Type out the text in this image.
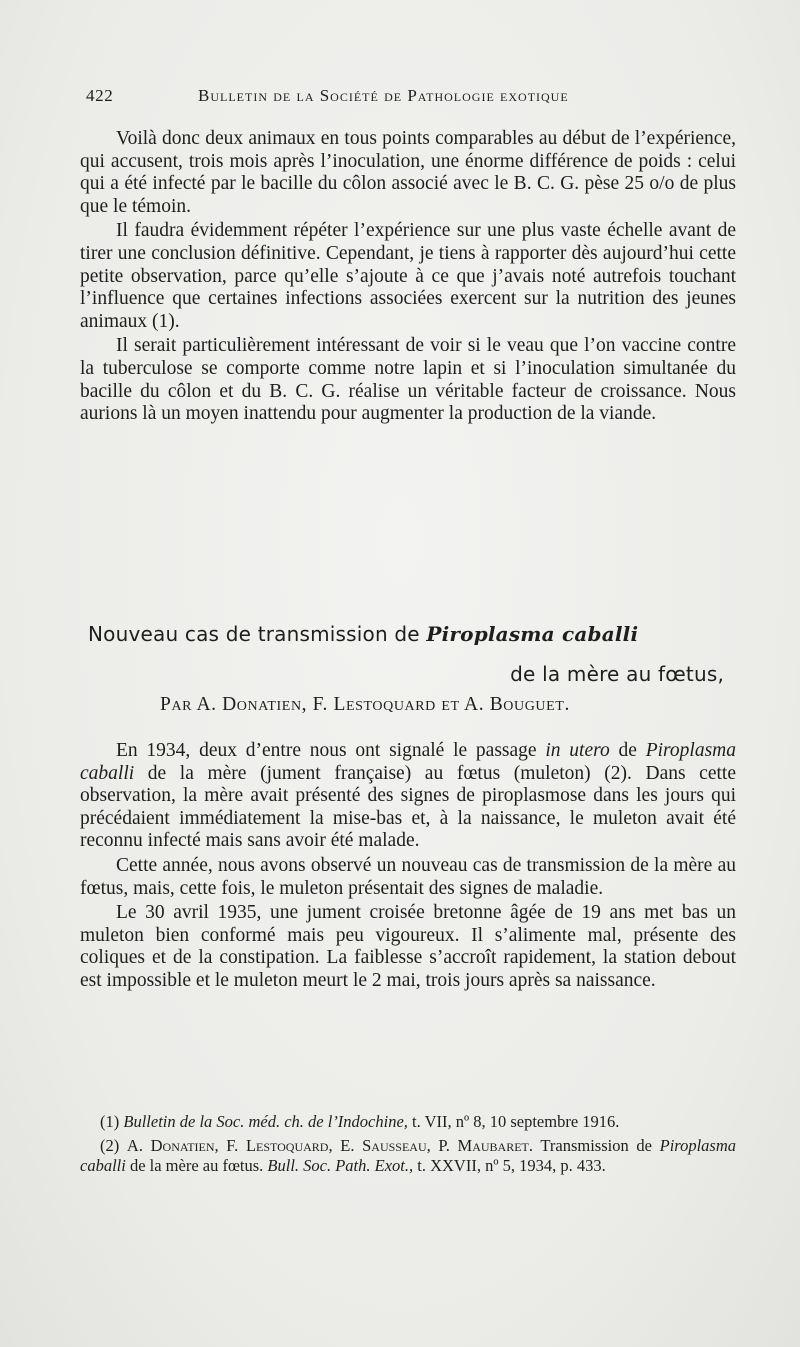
422	Bulletin de la Société de Pathologie exotique

Voilà donc deux animaux en tous points comparables au début de l’expérience, qui accusent, trois mois après l’inoculation, une énorme différence de poids : celui qui a été infecté par le bacille du côlon associé avec le B. C. G. pèse 25 o/o de plus que le témoin.

Il faudra évidemment répéter l’expérience sur une plus vaste échelle avant de tirer une conclusion définitive. Cependant, je tiens à rapporter dès aujourd’hui cette petite observation, parce qu’elle s’ajoute à ce que j’avais noté autrefois touchant l’influence que certaines infections associées exercent sur la nutrition des jeunes animaux (1).

Il serait particulièrement intéressant de voir si le veau que l’on vaccine contre la tuberculose se comporte comme notre lapin et si l’inoculation simultanée du bacille du côlon et du B. C. G. réalise un véritable facteur de croissance. Nous aurions là un moyen inattendu pour augmenter la production de la viande.

Nouveau cas de transmission de Piroplasma caballi
de la mère au fœtus,
Par A. Donatien, F. Lestoquard et A. Bouguet.

En 1934, deux d’entre nous ont signalé le passage in utero de Piroplasma caballi de la mère (jument française) au fœtus (muleton) (2). Dans cette observation, la mère avait présenté des signes de piroplasmose dans les jours qui précédaient immédiatement la mise-bas et, à la naissance, le muleton avait été reconnu infecté mais sans avoir été malade.

Cette année, nous avons observé un nouveau cas de transmission de la mère au fœtus, mais, cette fois, le muleton présentait des signes de maladie.

Le 30 avril 1935, une jument croisée bretonne âgée de 19 ans met bas un muleton bien conformé mais peu vigoureux. Il s’alimente mal, présente des coliques et de la constipation. La faiblesse s’accroît rapidement, la station debout est impossible et le muleton meurt le 2 mai, trois jours après sa naissance.

(1) Bulletin de la Soc. méd. ch. de l’Indochine, t. VII, nº 8, 10 septembre 1916.

(2) A. Donatien, F. Lestoquard, E. Sausseau, P. Maubaret. Transmission de Piroplasma caballi de la mère au fœtus. Bull. Soc. Path. Exot., t. XXVII, nº 5, 1934, p. 433.
